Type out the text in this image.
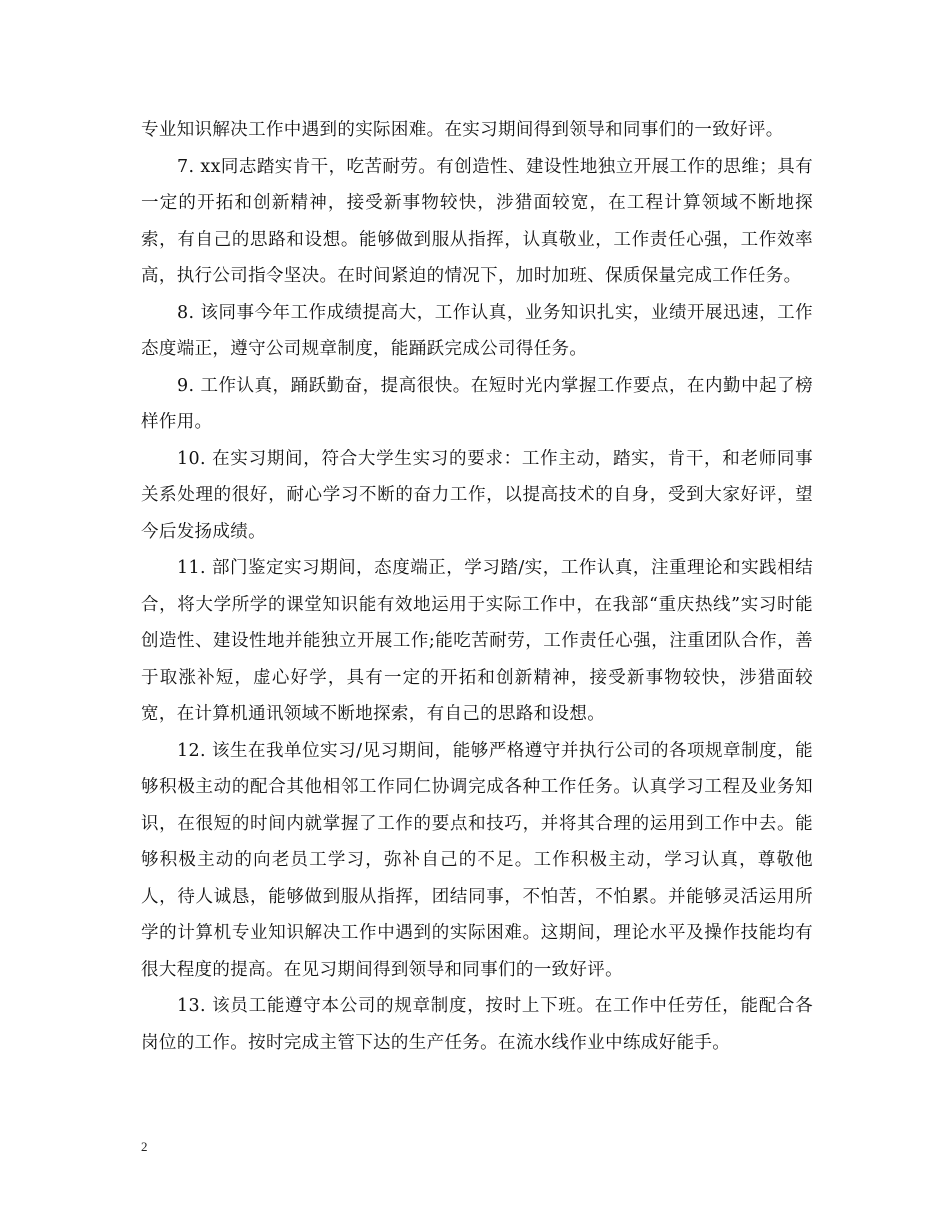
专业知识解决工作中遇到的实际困难。在实习期间得到领导和同事们的一致好评。

7. xx同志踏实肯干，吃苦耐劳。有创造性、建设性地独立开展工作的思维；具有一定的开拓和创新精神，接受新事物较快，涉猎面较宽，在工程计算领域不断地探索，有自己的思路和设想。能够做到服从指挥，认真敬业，工作责任心强，工作效率高，执行公司指令坚决。在时间紧迫的情况下，加时加班、保质保量完成工作任务。

8. 该同事今年工作成绩提高大，工作认真，业务知识扎实，业绩开展迅速，工作态度端正，遵守公司规章制度，能踊跃完成公司得任务。

9. 工作认真，踊跃勤奋，提高很快。在短时光内掌握工作要点，在内勤中起了榜样作用。

10. 在实习期间，符合大学生实习的要求：工作主动，踏实，肯干，和老师同事关系处理的很好，耐心学习不断的奋力工作，以提高技术的自身，受到大家好评，望今后发扬成绩。

11. 部门鉴定实习期间，态度端正，学习踏/实，工作认真，注重理论和实践相结合，将大学所学的课堂知识能有效地运用于实际工作中，在我部“重庆热线”实习时能创造性、建设性地并能独立开展工作;能吃苦耐劳，工作责任心强，注重团队合作，善于取涨补短，虚心好学，具有一定的开拓和创新精神，接受新事物较快，涉猎面较宽，在计算机通讯领域不断地探索，有自己的思路和设想。

12. 该生在我单位实习/见习期间，能够严格遵守并执行公司的各项规章制度，能够积极主动的配合其他相邻工作同仁协调完成各种工作任务。认真学习工程及业务知识，在很短的时间内就掌握了工作的要点和技巧，并将其合理的运用到工作中去。能够积极主动的向老员工学习，弥补自己的不足。工作积极主动，学习认真，尊敬他人，待人诚恳，能够做到服从指挥，团结同事，不怕苦，不怕累。并能够灵活运用所学的计算机专业知识解决工作中遇到的实际困难。这期间，理论水平及操作技能均有很大程度的提高。在见习期间得到领导和同事们的一致好评。

13. 该员工能遵守本公司的规章制度，按时上下班。在工作中任劳任，能配合各岗位的工作。按时完成主管下达的生产任务。在流水线作业中练成好能手。

2
